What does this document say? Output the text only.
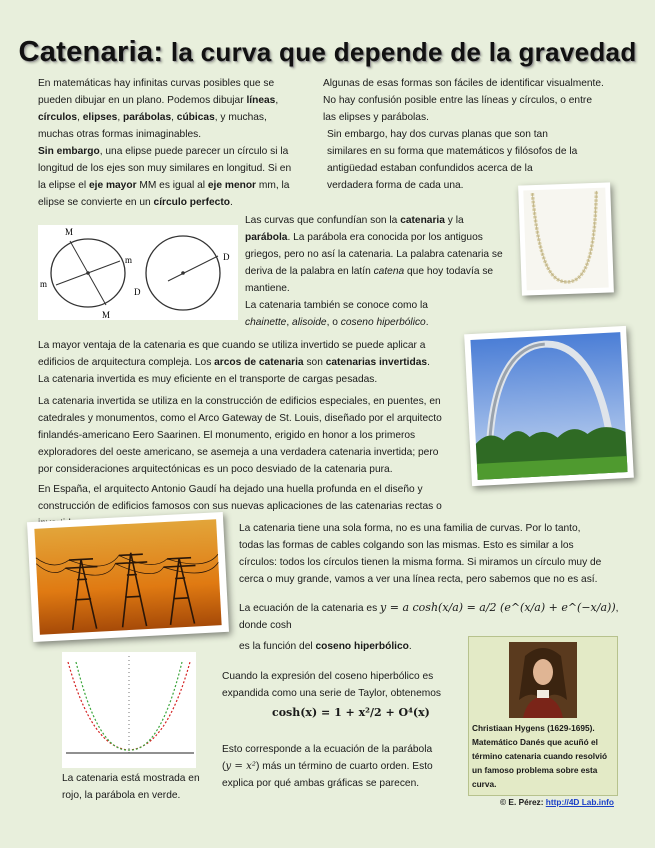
Catenaria: la curva que depende de la gravedad
En matemáticas hay infinitas curvas posibles que se
pueden dibujar en un plano. Podemos dibujar líneas,
círculos, elipses, parábolas, cúbicas, y muchas,
muchas otras formas inimaginables.
Sin embargo, una elipse puede parecer un círculo si la
longitud de los ejes son muy similares en longitud. Si en
la elipse el eje mayor MM es igual al eje menor mm, la
elipse se convierte en un círculo perfecto.
Algunas de esas formas son fáciles de identificar visualmente.
No hay confusión posible entre las líneas y círculos, o entre
las elipses y parábolas.
Sin embargo, hay dos curvas planas que son tan
similares en su forma que matemáticos y filósofos de la
antigüedad estaban confundidos acerca de la
verdadera forma de cada una.
M
m
m
M
D
D
Las curvas que confundían son la catenaria y la
parábola. La parábola era conocida por los antiguos
griegos, pero no así la catenaria. La palabra catenaria se
deriva de la palabra en latín catena que hoy todavía se
mantiene.
La catenaria también se conoce como la
chainette, alisoide, o coseno hiperbólico.
La mayor ventaja de la catenaria es que cuando se utiliza invertido se puede aplicar a
edificios de arquitectura compleja. Los arcos de catenaria son catenarias invertidas.
La catenaria invertida es muy eficiente en el transporte de cargas pesadas.
La catenaria invertida se utiliza en la construcción de edificios especiales, en puentes, en
catedrales y monumentos, como el Arco Gateway de St. Louis, diseñado por el arquitecto
finlandés-americano Eero Saarinen. El monumento, erigido en honor a los primeros
exploradores del oeste americano, se asemeja a una verdadera catenaria invertida; pero
por consideraciones arquitectónicas es un poco desviado de la catenaria pura.
En España, el arquitecto Antonio Gaudí ha dejado una huella profunda en el diseño y
construcción de edificios famosos con sus nuevas aplicaciones de las catenarias rectas o
La catenaria tiene una sola forma, no es una familia de curvas. Por lo tanto,
todas las formas de cables colgando son las mismas. Esto es similar a los
círculos: todos los círculos tienen la misma forma. Si miramos un círculo muy de
cerca o muy grande, vamos a ver una línea recta, pero sabemos que no es así.
La ecuación de la catenaria es y = a cosh(x/a) = a/2 (e^(x/a) + e^(−x/a)), donde cosh
es la función del coseno hiperbólico.
La catenaria está mostrada en
rojo, la parábola en verde.
Cuando la expresión del coseno hiperbólico es
expandida como una serie de Taylor, obtenemos
cosh(x) = 1 + x²/2 + O⁴(x)
Esto corresponde a la ecuación de la parábola
(y = x²) más un término de cuarto orden. Esto
explica por qué ambas gráficas se parecen.
Christiaan Hygens (1629-1695).
Matemático Danés que acuñó el
término catenaria cuando resolvió
un famoso problema sobre esta
curva.
© E. Pérez: http://4D Lab.info
